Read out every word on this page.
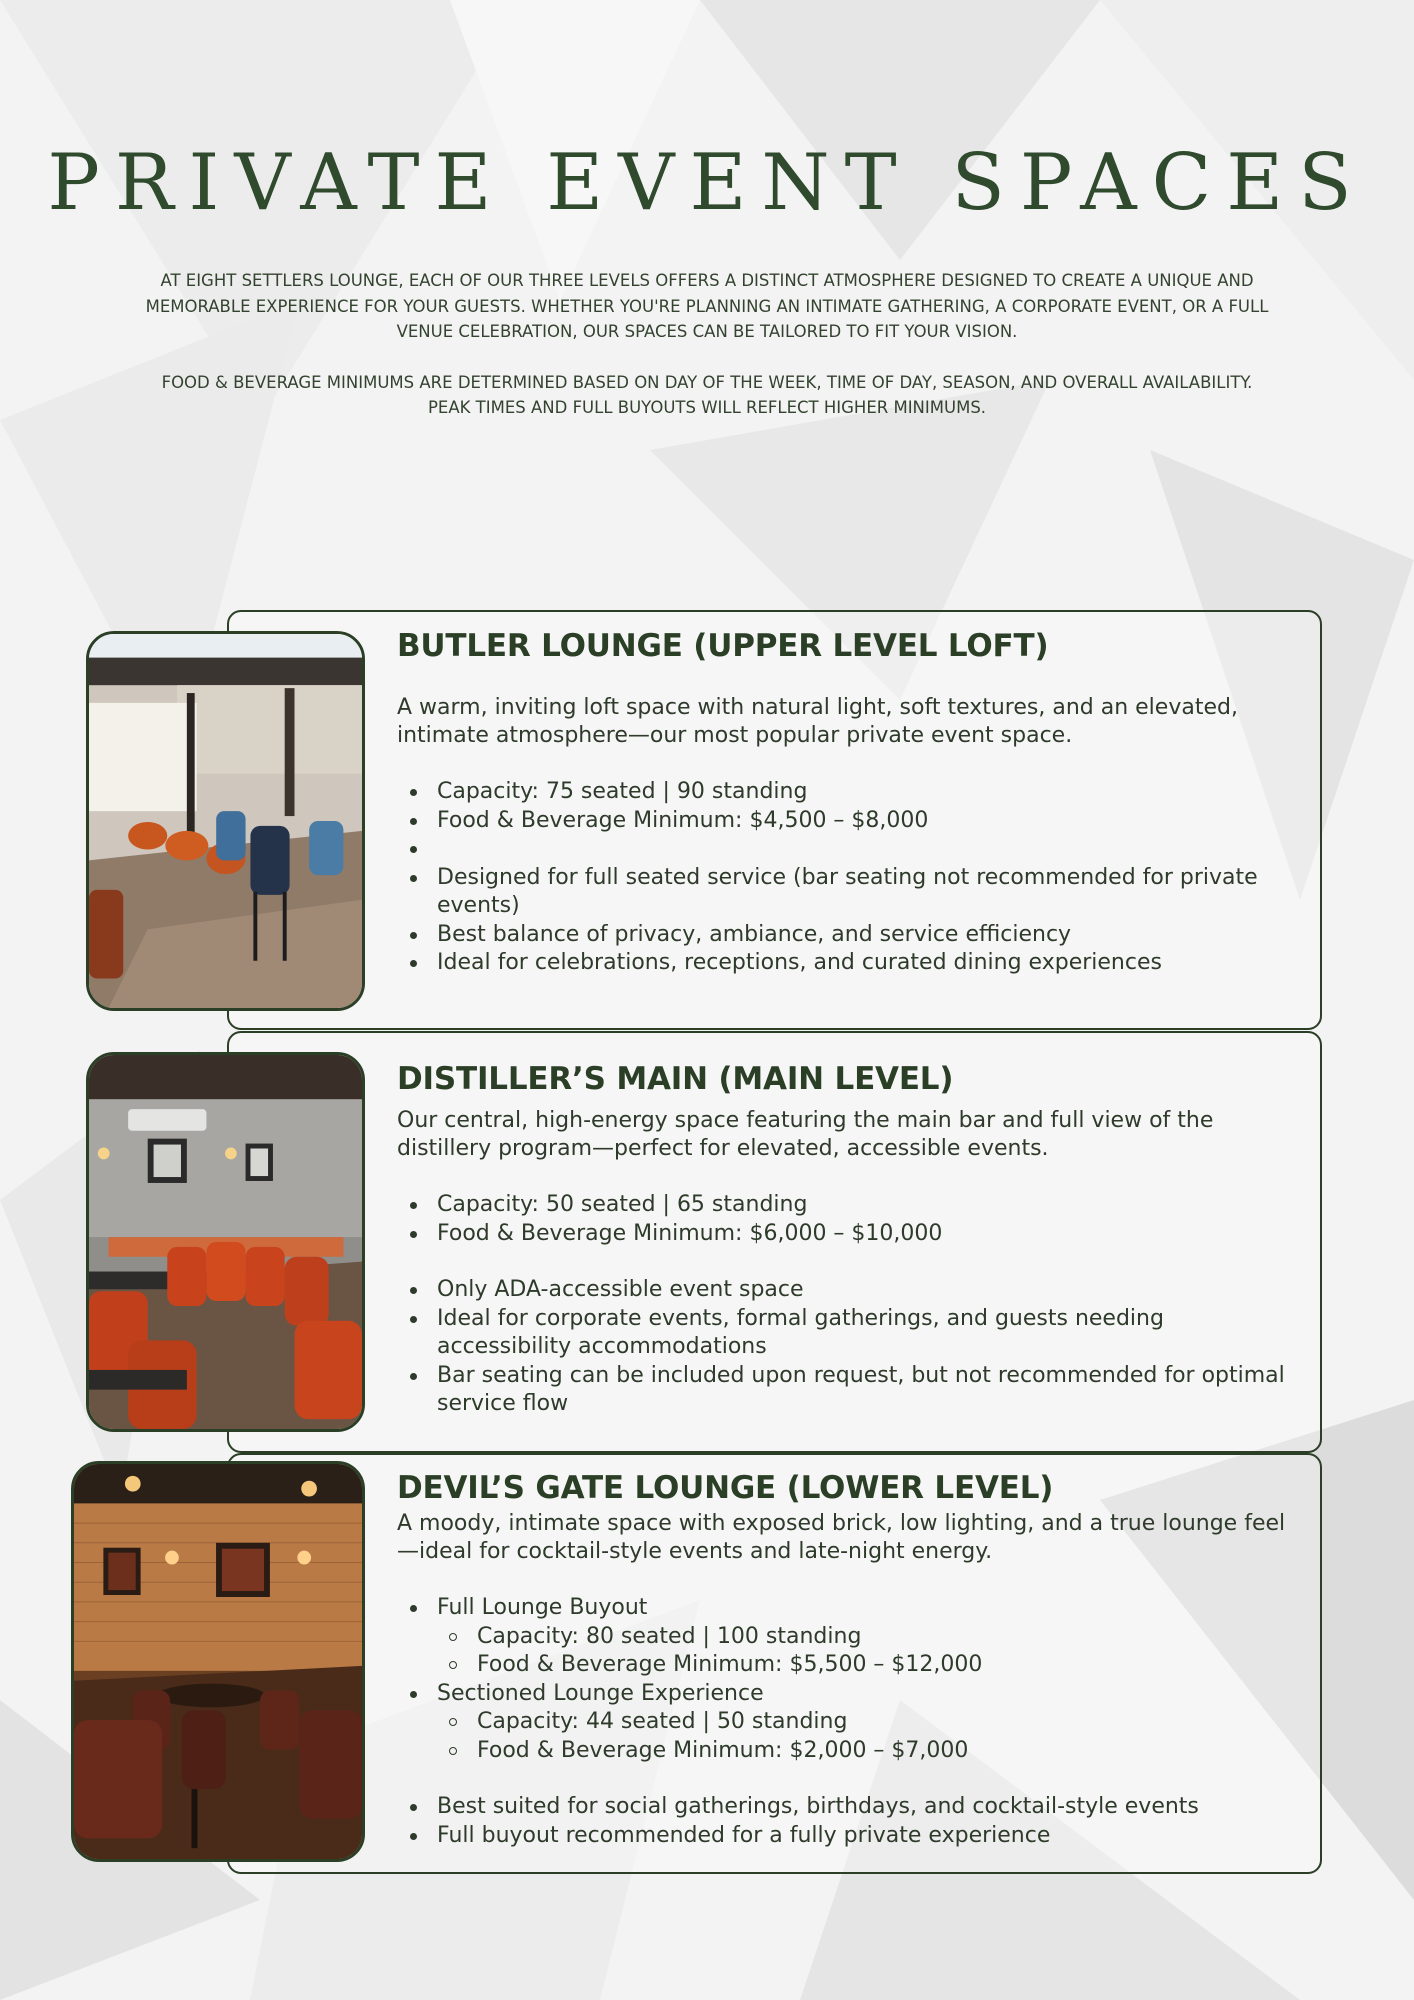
PRIVATE EVENT SPACES

AT EIGHT SETTLERS LOUNGE, EACH OF OUR THREE LEVELS OFFERS A DISTINCT ATMOSPHERE DESIGNED TO CREATE A UNIQUE AND MEMORABLE EXPERIENCE FOR YOUR GUESTS. WHETHER YOU'RE PLANNING AN INTIMATE GATHERING, A CORPORATE EVENT, OR A FULL VENUE CELEBRATION, OUR SPACES CAN BE TAILORED TO FIT YOUR VISION.

FOOD & BEVERAGE MINIMUMS ARE DETERMINED BASED ON DAY OF THE WEEK, TIME OF DAY, SEASON, AND OVERALL AVAILABILITY. PEAK TIMES AND FULL BUYOUTS WILL REFLECT HIGHER MINIMUMS.

BUTLER LOUNGE (UPPER LEVEL LOFT)

A warm, inviting loft space with natural light, soft textures, and an elevated, intimate atmosphere—our most popular private event space.

Capacity: 75 seated | 90 standing
Food & Beverage Minimum: $4,500 – $8,000
Designed for full seated service (bar seating not recommended for private events)
Best balance of privacy, ambiance, and service efficiency
Ideal for celebrations, receptions, and curated dining experiences
DISTILLER’S MAIN (MAIN LEVEL)

Our central, high-energy space featuring the main bar and full view of the distillery program—perfect for elevated, accessible events.

Capacity: 50 seated | 65 standing
Food & Beverage Minimum: $6,000 – $10,000
Only ADA-accessible event space
Ideal for corporate events, formal gatherings, and guests needing accessibility accommodations
Bar seating can be included upon request, but not recommended for optimal service flow
DEVIL’S GATE LOUNGE (LOWER LEVEL)

A moody, intimate space with exposed brick, low lighting, and a true lounge feel—ideal for cocktail-style events and late-night energy.

Full Lounge Buyout
Capacity: 80 seated | 100 standing
Food & Beverage Minimum: $5,500 – $12,000
Sectioned Lounge Experience
Capacity: 44 seated | 50 standing
Food & Beverage Minimum: $2,000 – $7,000
Best suited for social gatherings, birthdays, and cocktail-style events
Full buyout recommended for a fully private experience
